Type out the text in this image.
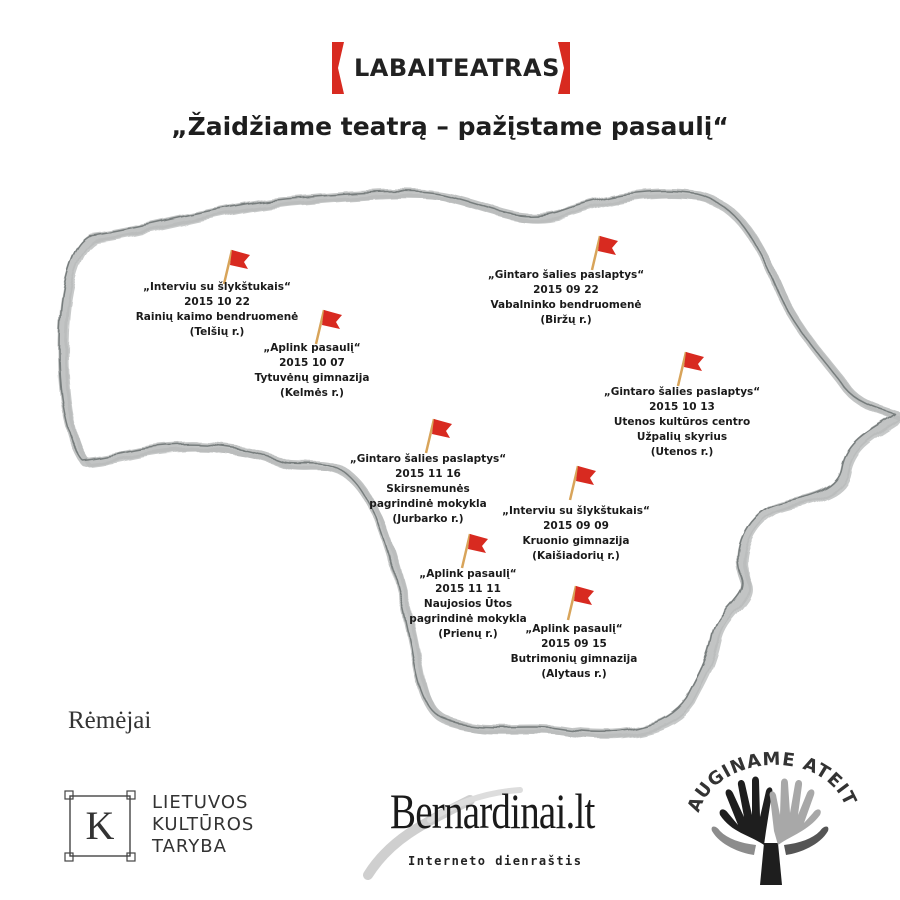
LABAITEATRAS
„Žaidžiame teatrą – pažįstame pasaulį“
„Interviu su šlykštukais“
2015 10 22
Rainių kaimo bendruomenė
(Telšių r.)
„Aplink pasaulį“
2015 10 07
Tytuvėnų gimnazija
(Kelmės r.)
„Gintaro šalies paslaptys“
2015 09 22
Vabalninko bendruomenė
(Biržų r.)
„Gintaro šalies paslaptys“
2015 10 13
Utenos kultūros centro
Užpalių skyrius
(Utenos r.)
„Gintaro šalies paslaptys“
2015 11 16
Skirsnemunės
pagrindinė mokykla
(Jurbarko r.)
„Interviu su šlykštukais“
2015 09 09
Kruonio gimnazija
(Kaišiadorių r.)
„Aplink pasaulį“
2015 11 11
Naujosios Ūtos
pagrindinė mokykla
(Prienų r.)	„Aplink pasaulį“
2015 09 15
Butrimonių gimnazija
(Alytaus r.)
Rėmėjai
K
LIETUVOS
KULTŪROS
TARYBA
Bernardinai.lt
Interneto dienraštis
AUGINAME ATEIT
